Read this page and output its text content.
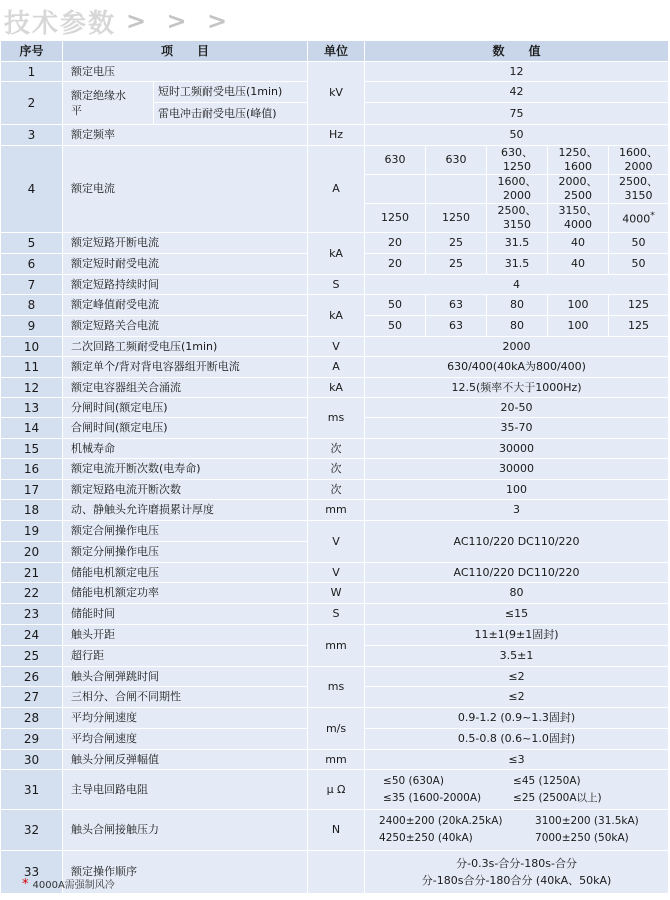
技术参数 > > >
序号	项　　目		单位	数　　值				
1	额定电压		kV	12				
2	额定绝缘水平	短时工频耐受电压(1min)		42				
		雷电冲击耐受电压(峰值)		75				
3	额定频率		Hz	50				
4	额定电流		A	630	630	630、1250	1250、1600	1600、2000
						1600、2000	2000、2500	2500、3150
				1250	1250	2500、3150	3150、4000	4000*
5	额定短路开断电流		kA	20	25	31.5	40	50
6	额定短时耐受电流			20	25	31.5	40	50
7	额定短路持续时间		S	4				
8	额定峰值耐受电流		kA	50	63	80	100	125
9	额定短路关合电流			50	63	80	100	125
10	二次回路工频耐受电压(1min)		V	2000				
11	额定单个/背对背电容器组开断电流		A	630/400(40kA为800/400)				
12	额定电容器组关合涌流		kA	12.5(频率不大于1000Hz)				
13	分闸时间(额定电压)		ms	20-50				
14	合闸时间(额定电压)			35-70				
15	机械寿命		次	30000				
16	额定电流开断次数(电寿命)		次	30000				
17	额定短路电流开断次数		次	100				
18	动、静触头允许磨损累计厚度		mm	3				
19	额定合闸操作电压		V	AC110/220 DC110/220				
20	额定分闸操作电压							
21	储能电机额定电压		V	AC110/220 DC110/220				
22	储能电机额定功率		W	80				
23	储能时间		S	≤15				
24	触头开距		mm	11±1(9±1固封)				
25	超行距			3.5±1				
26	触头合闸弹跳时间		ms	≤2				
27	三相分、合闸不同期性			≤2				
28	平均分闸速度		m/s	0.9-1.2 (0.9~1.3固封)				
29	平均合闸速度			0.5-0.8 (0.6~1.0固封)				
30	触头分闸反弹幅值		mm	≤3				
31	主导电回路电阻		μ Ω	≤50 (630A) ≤45 (1250A)
≤35 (1600-2000A) ≤25 (2500A以上)				

32	触头合闸接触压力		N	2400±200 (20kA.25kA) 3100±200 (31.5kA)
4250±250 (40kA) 7000±250 (50kA)				

33	额定操作顺序			分-0.3s-合分-180s-合分
分-180s合分-180合分 (40kA、50kA)				
* 4000A需强制风冷
